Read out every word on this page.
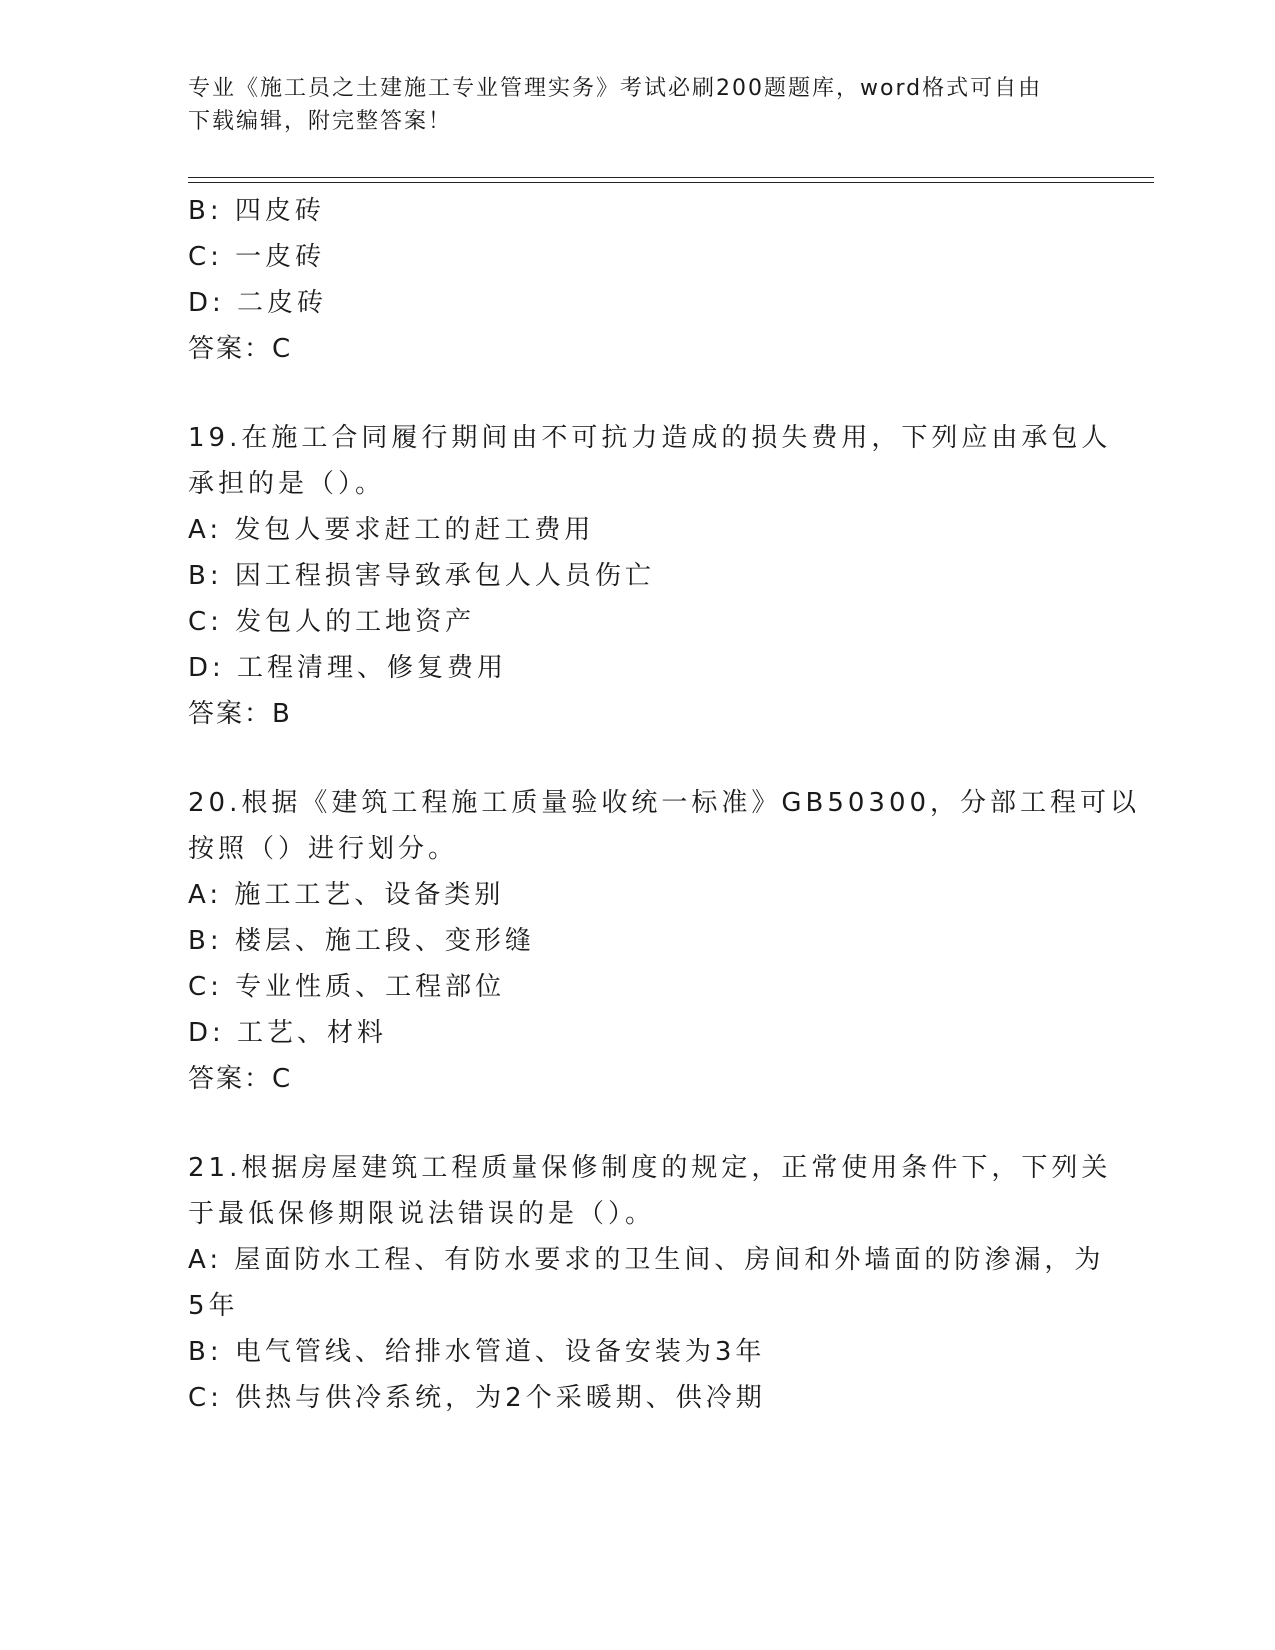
专业《施工员之土建施工专业管理实务》考试必刷200题题库，word格式可自由
下载编辑，附完整答案！
B: 四皮砖
C: 一皮砖
D: 二皮砖
答案：C
19.在施工合同履行期间由不可抗力造成的损失费用，下列应由承包人
承担的是（）。
A: 发包人要求赶工的赶工费用
B: 因工程损害导致承包人人员伤亡
C: 发包人的工地资产
D: 工程清理、修复费用
答案：B
20.根据《建筑工程施工质量验收统一标准》GB50300，分部工程可以
按照（）进行划分。
A: 施工工艺、设备类别
B: 楼层、施工段、变形缝
C: 专业性质、工程部位
D: 工艺、材料
答案：C
21.根据房屋建筑工程质量保修制度的规定，正常使用条件下，下列关
于最低保修期限说法错误的是（）。
A: 屋面防水工程、有防水要求的卫生间、房间和外墙面的防渗漏，为
5年
B: 电气管线、给排水管道、设备安装为3年
C: 供热与供冷系统，为2个采暖期、供冷期
